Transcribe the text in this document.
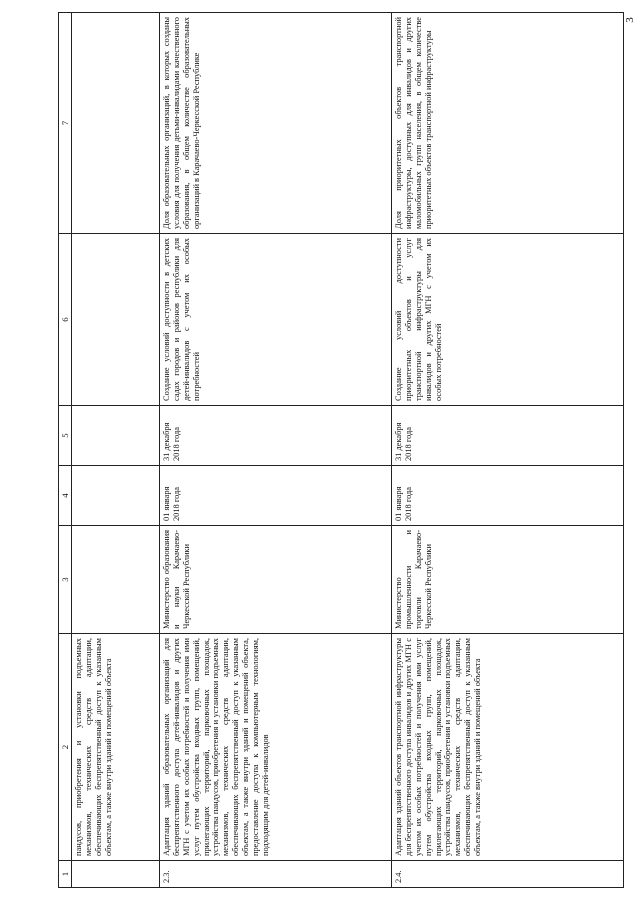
3
1	2	3	4	5	6	7
	пандусов, приобретения и установки подъемных механизмов, технических средств адаптации, обеспечивающих беспрепятственный доступ к указанным объектам, а также внутри зданий и помещений объекта					
2.3.	Адаптация зданий образовательных организаций для беспрепятственного доступа детей-инвалидов и других МГН с учетом их особых потребностей и получения ими услуг путем обустройства входных групп, помещений, прилегающих территорий, парковочных площадок, устройства пандусов, приобретения и установки подъемных механизмов, технических средств адаптации, обеспечивающих беспрепятственный доступ к указанным объектам, а также внутри зданий и помещений объекта, предоставление доступа к компьютерным технологиям, подходящим для детей-инвалидов	Министерство образования и науки Карачаево-Черкесской Республики	01 января 2018 года	31 декабря 2018 года	Создание условий доступности в детских садах городов и районов республики для детей-инвалидов с учетом их особых потребностей	Доля образовательных организаций, в которых созданы условия для получения детьми-инвалидами качественного образования, в общем количестве образовательных организаций в Карачаево-Черкесской Республике
2.4.	Адаптация зданий объектов транспортной инфраструктуры для беспрепятственного доступа инвалидов и других МГН с учетом их особых потребностей и получения ими услуг путем обустройства входных групп, помещений, прилегающих территорий, парковочных площадок, устройства пандусов, приобретения и установки подъемных механизмов, технических средств адаптации, обеспечивающих беспрепятственный доступ к указанным объектам, а также внутри зданий и помещений объекта	Министерство промышленности и торговли Карачаево-Черкесской Республики	01 января 2018 года	31 декабря 2018 года	Создание условий доступности приоритетных объектов и услуг транспортной инфраструктуры для инвалидов и других МГН с учетом их особых потребностей	Доля приоритетных объектов транспортной инфраструктуры, доступных для инвалидов и других маломобильных групп населения, в общем количестве приоритетных объектов транспортной инфраструктуры
